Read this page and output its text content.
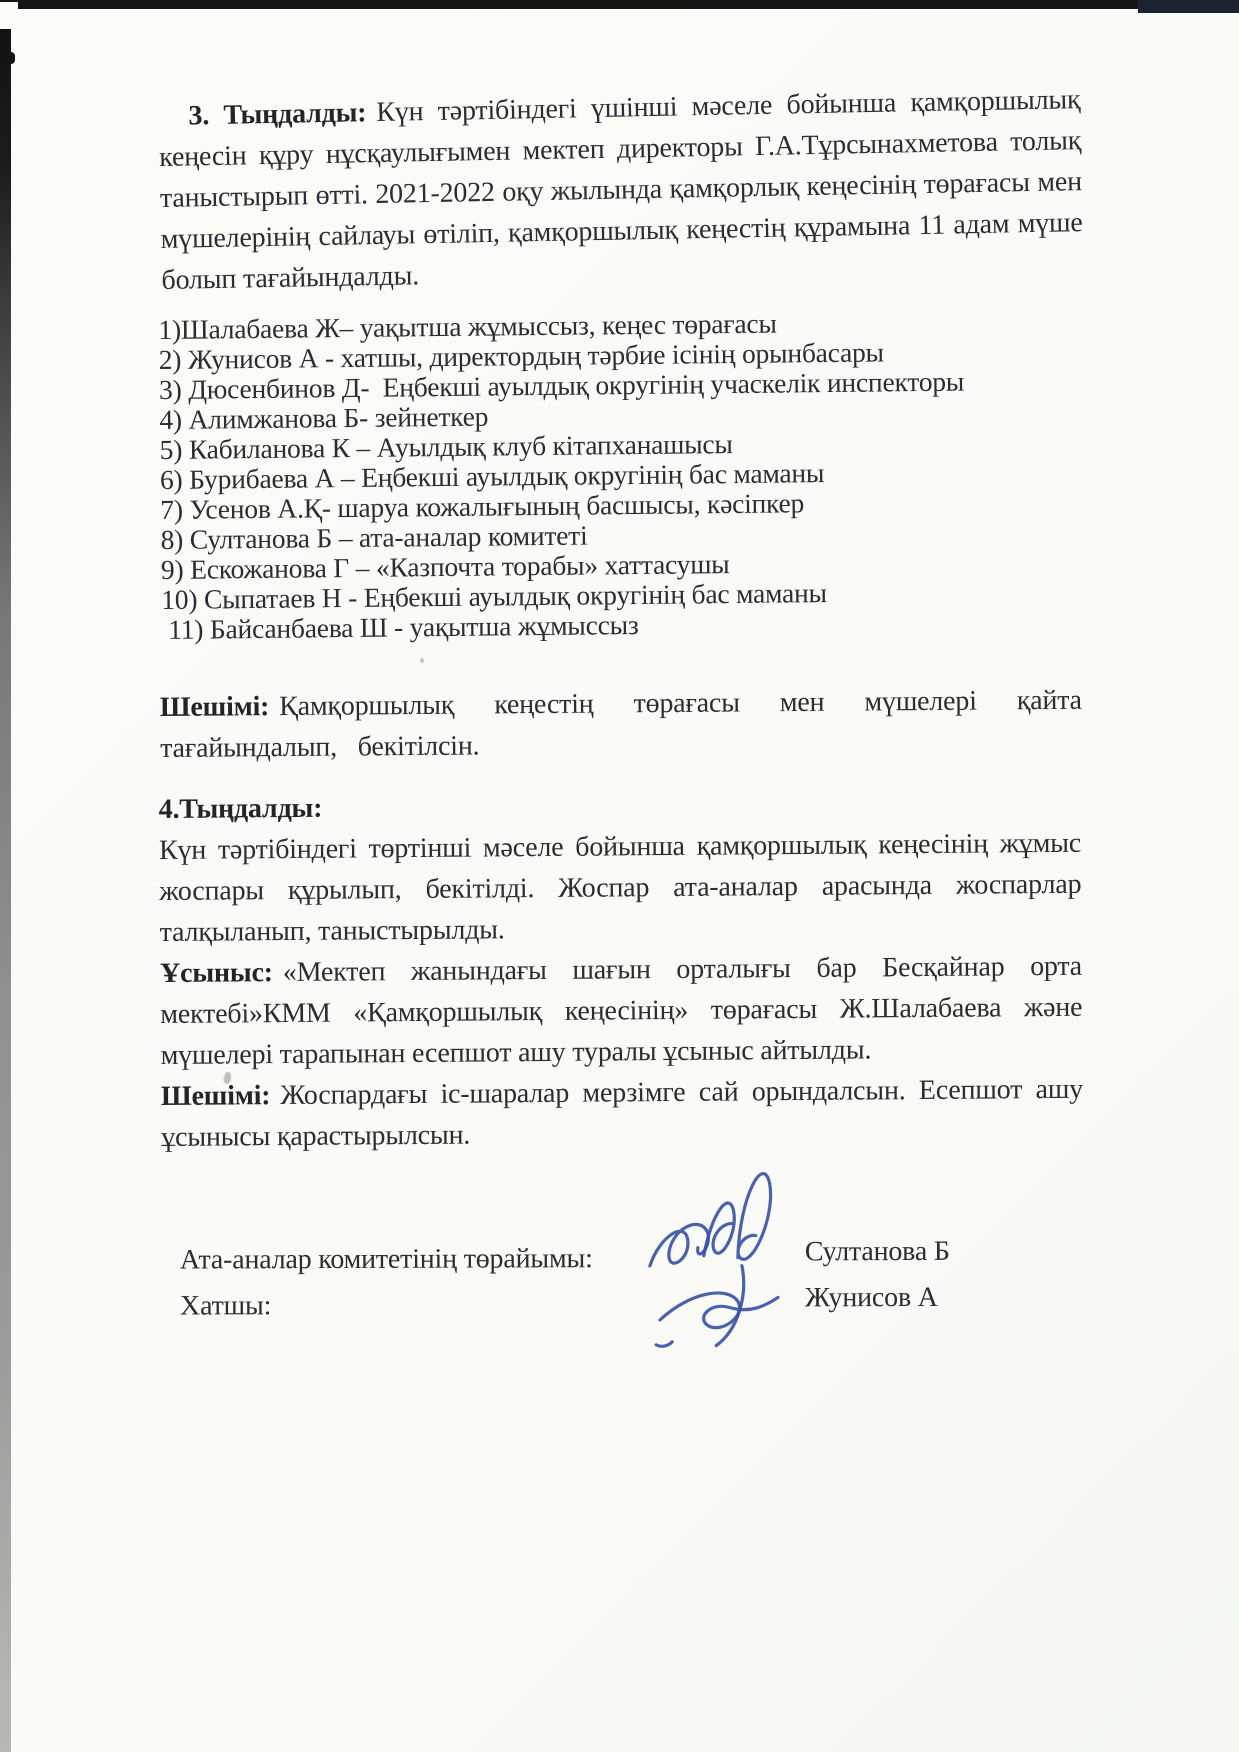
3. Тыңдалды: Күн тәртібіндегі үшінші мәселе бойынша қамқоршылық кеңесін құру нұсқаулығымен мектеп директоры Г.А.Тұрсынахметова толық таныстырып өтті. 2021-2022 оқу жылында қамқорлық кеңесінің төрағасы мен мүшелерінің сайлауы өтіліп, қамқоршылық кеңестің құрамына 11 адам мүше болып тағайындалды.

1)Шалабаева Ж– уақытша жұмыссыз, кеңес төрағасы
2) Жунисов А - хатшы, директордың тәрбие ісінің орынбасары
3) Дюсенбинов Д-  Еңбекші ауылдық округінің учаскелік инспекторы
4) Алимжанова Б- зейнеткер
5) Кабиланова К – Ауылдық клуб кітапханашысы
6) Бурибаева А – Еңбекші ауылдық округінің бас маманы
7) Усенов А.Қ- шаруа кожалығының басшысы, кәсіпкер
8) Султанова Б – ата-аналар комитеті
9) Ескожанова Г – «Казпочта торабы» хаттасушы
10) Сыпатаев Н - Еңбекші ауылдық округінің бас маманы
11) Байсанбаева Ш - уақытша жұмыссыз

Шешімі: Қамқоршылық кеңестің төрағасы мен мүшелері қайта тағайындалып, бекітілсін.

4.Тыңдалды:

Күн тәртібіндегі төртінші мәселе бойынша қамқоршылық кеңесінің жұмыс жоспары құрылып, бекітілді. Жоспар ата-аналар арасында жоспарлар талқыланып, таныстырылды.

Ұсыныс: «Мектеп жанындағы шағын орталығы бар Бесқайнар орта мектебі»КММ «Қамқоршылық кеңесінің» төрағасы Ж.Шалабаева және мүшелері тарапынан есепшот ашу туралы ұсыныс айтылды.

Шешімі: Жоспардағы іс-шаралар мерзімге сай орындалсын. Есепшот ашу ұсынысы қарастырылсын.

Ата-аналар комитетінің төрайымы:
Хатшы:
Султанова Б
Жунисов А
